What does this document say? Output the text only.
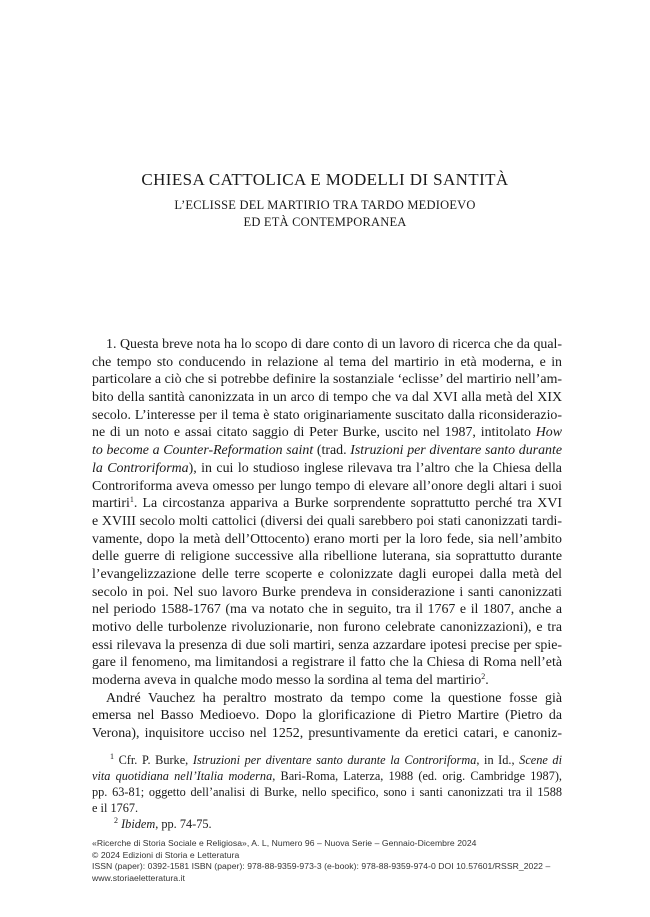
CHIESA CATTOLICA E MODELLI DI SANTITÀ
L’ECLISSE DEL MARTIRIO TRA TARDO MEDIOEVO
ED ETÀ CONTEMPORANEA
1. Questa breve nota ha lo scopo di dare conto di un lavoro di ricerca che da qual-
che tempo sto conducendo in relazione al tema del martirio in età moderna, e in
particolare a ciò che si potrebbe definire la sostanziale ‘eclisse’ del martirio nell’am-
bito della santità canonizzata in un arco di tempo che va dal XVI alla metà del XIX
secolo. L’interesse per il tema è stato originariamente suscitato dalla riconsiderazio-
ne di un noto e assai citato saggio di Peter Burke, uscito nel 1987, intitolato How
to become a Counter-Reformation saint (trad. Istruzioni per diventare santo durante
la Controriforma), in cui lo studioso inglese rilevava tra l’altro che la Chiesa della
Controriforma aveva omesso per lungo tempo di elevare all’onore degli altari i suoi
martiri$^1$. La circostanza appariva a Burke sorprendente soprattutto perché tra XVI
e XVIII secolo molti cattolici (diversi dei quali sarebbero poi stati canonizzati tardi-
vamente, dopo la metà dell’Ottocento) erano morti per la loro fede, sia nell’ambito
delle guerre di religione successive alla ribellione luterana, sia soprattutto durante
l’evangelizzazione delle terre scoperte e colonizzate dagli europei dalla metà del
secolo in poi. Nel suo lavoro Burke prendeva in considerazione i santi canonizzati
nel periodo 1588-1767 (ma va notato che in seguito, tra il 1767 e il 1807, anche a
motivo delle turbolenze rivoluzionarie, non furono celebrate canonizzazioni), e tra
essi rilevava la presenza di due soli martiri, senza azzardare ipotesi precise per spie-
gare il fenomeno, ma limitandosi a registrare il fatto che la Chiesa di Roma nell’età
moderna aveva in qualche modo messo la sordina al tema del martirio$^2$.
André Vauchez ha peraltro mostrato da tempo come la questione fosse già
emersa nel Basso Medioevo. Dopo la glorificazione di Pietro Martire (Pietro da
Verona), inquisitore ucciso nel 1252, presuntivamente da eretici catari, e canoniz-
$^1$ Cfr. P. Burke, Istruzioni per diventare santo durante la Controriforma, in Id., Scene di
vita quotidiana nell’Italia moderna, Bari-Roma, Laterza, 1988 (ed. orig. Cambridge 1987),
pp. 63-81; oggetto dell’analisi di Burke, nello specifico, sono i santi canonizzati tra il 1588
e il 1767.
$^2$ Ibidem, pp. 74-75.
«Ricerche di Storia Sociale e Religiosa», A. L, Numero 96 – Nuova Serie – Gennaio-Dicembre 2024
© 2024 Edizioni di Storia e Letteratura
ISSN (paper): 0392-1581 ISBN (paper): 978-88-9359-973-3 (e-book): 978-88-9359-974-0 DOI 10.57601/RSSR_2022 –
www.storiaeletteratura.it
